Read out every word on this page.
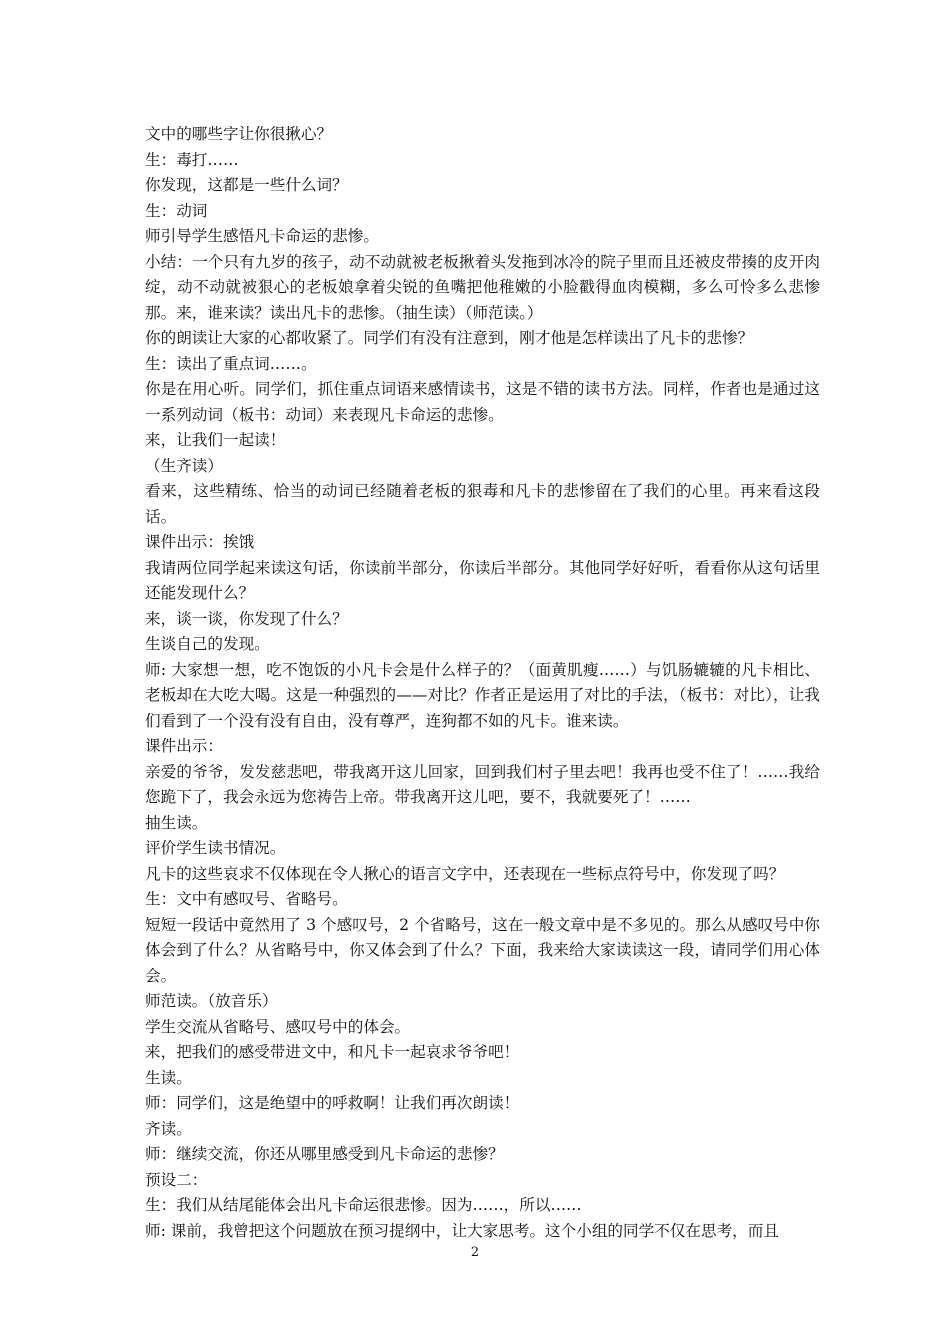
文中的哪些字让你很揪心？

生：毒打……

你发现，这都是一些什么词？

生：动词

师引导学生感悟凡卡命运的悲惨。

小结：一个只有九岁的孩子，动不动就被老板揪着头发拖到冰冷的院子里而且还被皮带揍的皮开肉绽，动不动就被狠心的老板娘拿着尖锐的鱼嘴把他稚嫩的小脸戳得血肉模糊，多么可怜多么悲惨那。来，谁来读？读出凡卡的悲惨。（抽生读）（师范读。）

你的朗读让大家的心都收紧了。同学们有没有注意到，刚才他是怎样读出了凡卡的悲惨？

生：读出了重点词……。

你是在用心听。同学们，抓住重点词语来感情读书，这是不错的读书方法。同样，作者也是通过这一系列动词（板书：动词）来表现凡卡命运的悲惨。

来，让我们一起读！

（生齐读）

看来，这些精练、恰当的动词已经随着老板的狠毒和凡卡的悲惨留在了我们的心里。再来看这段话。

课件出示：挨饿

我请两位同学起来读这句话，你读前半部分，你读后半部分。其他同学好好听，看看你从这句话里还能发现什么？

来，谈一谈，你发现了什么？

生谈自己的发现。

师: 大家想一想，吃不饱饭的小凡卡会是什么样子的？（面黄肌瘦……）与饥肠辘辘的凡卡相比、老板却在大吃大喝。这是一种强烈的——对比？作者正是运用了对比的手法，（板书：对比），让我们看到了一个没有没有自由，没有尊严，连狗都不如的凡卡。谁来读。

课件出示：

亲爱的爷爷，发发慈悲吧，带我离开这儿回家，回到我们村子里去吧！我再也受不住了！……我给您跪下了，我会永远为您祷告上帝。带我离开这儿吧，要不，我就要死了！……

抽生读。

评价学生读书情况。

凡卡的这些哀求不仅体现在令人揪心的语言文字中，还表现在一些标点符号中，你发现了吗？

生：文中有感叹号、省略号。

短短一段话中竟然用了 3 个感叹号，2 个省略号，这在一般文章中是不多见的。那么从感叹号中你体会到了什么？从省略号中，你又体会到了什么？下面，我来给大家读读这一段，请同学们用心体会。

师范读。（放音乐）

学生交流从省略号、感叹号中的体会。

来，把我们的感受带进文中，和凡卡一起哀求爷爷吧！

生读。

师：同学们，这是绝望中的呼救啊！让我们再次朗读！

齐读。

师：继续交流，你还从哪里感受到凡卡命运的悲惨？

预设二：

生：我们从结尾能体会出凡卡命运很悲惨。因为……，所以……

师: 课前，我曾把这个问题放在预习提纲中，让大家思考。这个小组的同学不仅在思考，而且

2
